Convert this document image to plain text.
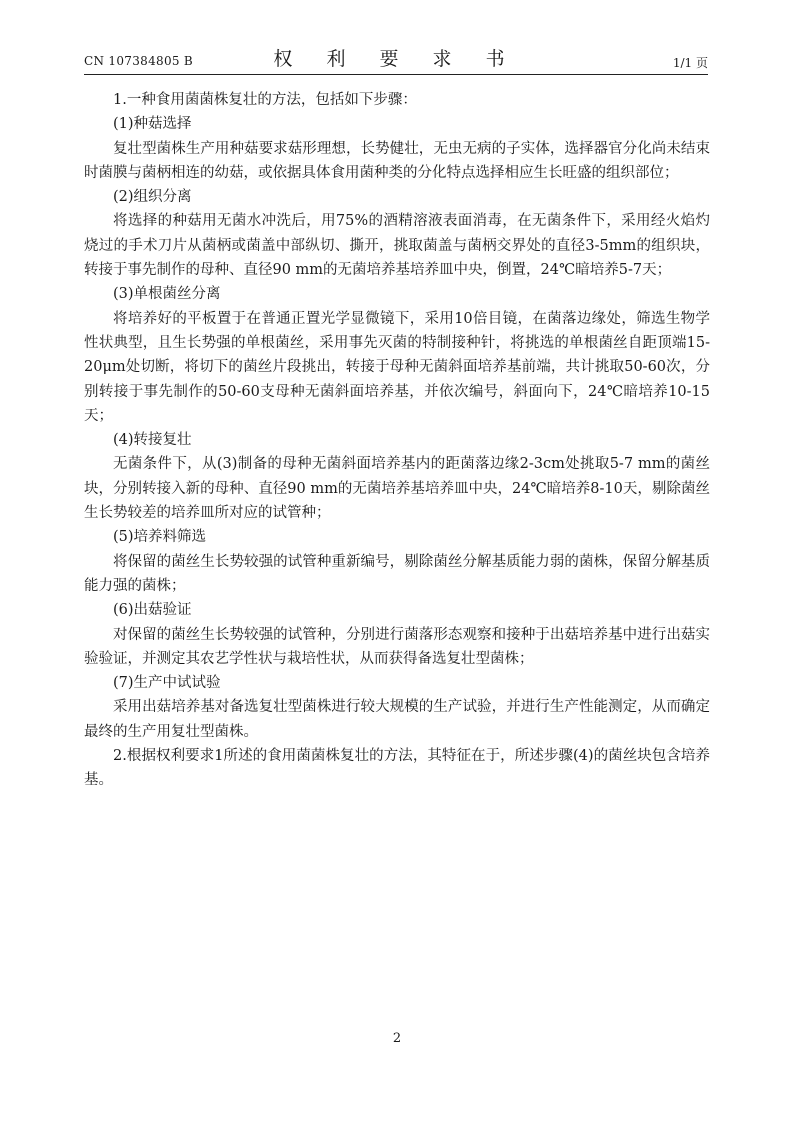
CN 107384805 B	权 利 要 求 书	1/1 页

1.一种食用菌菌株复壮的方法，包括如下步骤：

(1)种菇选择

复壮型菌株生产用种菇要求菇形理想，长势健壮，无虫无病的子实体，选择器官分化尚未结束时菌膜与菌柄相连的幼菇，或依据具体食用菌种类的分化特点选择相应生长旺盛的组织部位；

(2)组织分离

将选择的种菇用无菌水冲洗后，用75%的酒精溶液表面消毒，在无菌条件下，采用经火焰灼烧过的手术刀片从菌柄或菌盖中部纵切、撕开，挑取菌盖与菌柄交界处的直径3-5mm的组织块，转接于事先制作的母种、直径90 mm的无菌培养基培养皿中央，倒置，24℃暗培养5-7天；

(3)单根菌丝分离

将培养好的平板置于在普通正置光学显微镜下，采用10倍目镜，在菌落边缘处，筛选生物学性状典型，且生长势强的单根菌丝，采用事先灭菌的特制接种针，将挑选的单根菌丝自距顶端15-20μm处切断，将切下的菌丝片段挑出，转接于母种无菌斜面培养基前端，共计挑取50-60次，分别转接于事先制作的50-60支母种无菌斜面培养基，并依次编号，斜面向下，24℃暗培养10-15天；

(4)转接复壮

无菌条件下，从(3)制备的母种无菌斜面培养基内的距菌落边缘2-3cm处挑取5-7 mm的菌丝块，分别转接入新的母种、直径90 mm的无菌培养基培养皿中央，24℃暗培养8-10天，剔除菌丝生长势较差的培养皿所对应的试管种；

(5)培养料筛选

将保留的菌丝生长势较强的试管种重新编号，剔除菌丝分解基质能力弱的菌株，保留分解基质能力强的菌株；

(6)出菇验证

对保留的菌丝生长势较强的试管种，分别进行菌落形态观察和接种于出菇培养基中进行出菇实验验证，并测定其农艺学性状与栽培性状，从而获得备选复壮型菌株；

(7)生产中试试验

采用出菇培养基对备选复壮型菌株进行较大规模的生产试验，并进行生产性能测定，从而确定最终的生产用复壮型菌株。

2.根据权利要求1所述的食用菌菌株复壮的方法，其特征在于，所述步骤(4)的菌丝块包含培养基。

2
